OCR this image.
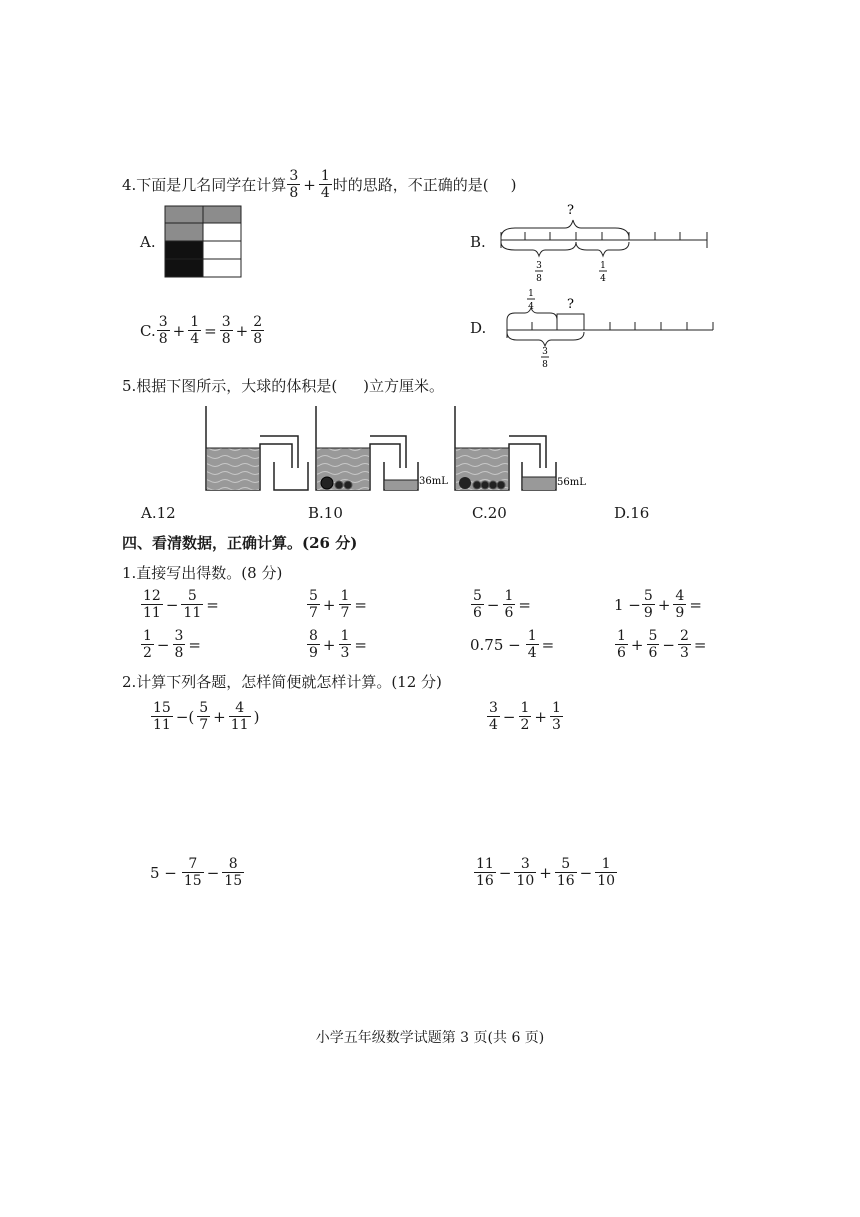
4.下面是几名同学在计算 $\frac{3}{8} + \frac{1}{4}$ 时的思路，不正确的是( )
A.	B.
?
3
8
1
4
C. $\frac{3}{8} + \frac{1}{4} = \frac{3}{8} + \frac{2}{8}$	D.
1
4	?
3
8
5.根据下图所示，大球的体积是( )立方厘米。
36mL	56mL
A.12	B.10	C.20	D.16
四、看清数据，正确计算。(26 分)
1.直接写出得数。(8 分)
$\frac{12}{11} - \frac{5}{11}$ =	$\frac{5}{7} + \frac{1}{7}$ =	$\frac{5}{6} - \frac{1}{6}$ =	$1 - \frac{5}{9} + \frac{4}{9}$ =
$\frac{1}{2} - \frac{3}{8}$ =	$\frac{8}{9} + \frac{1}{3}$ =	$0.75 - \frac{1}{4}$ =	$\frac{1}{6} + \frac{5}{6} - \frac{2}{3}$ =
2.计算下列各题，怎样简便就怎样计算。(12 分)
$\frac{15}{11}$ −( $\frac{5}{7} + \frac{4}{11}$ )	$\frac{3}{4} - \frac{1}{2} + \frac{1}{3}$
$5 - \frac{7}{15} - \frac{8}{15}$	$\frac{11}{16} - \frac{3}{10} + \frac{5}{16} - \frac{1}{10}$
小学五年级数学试题第 3 页(共 6 页)
